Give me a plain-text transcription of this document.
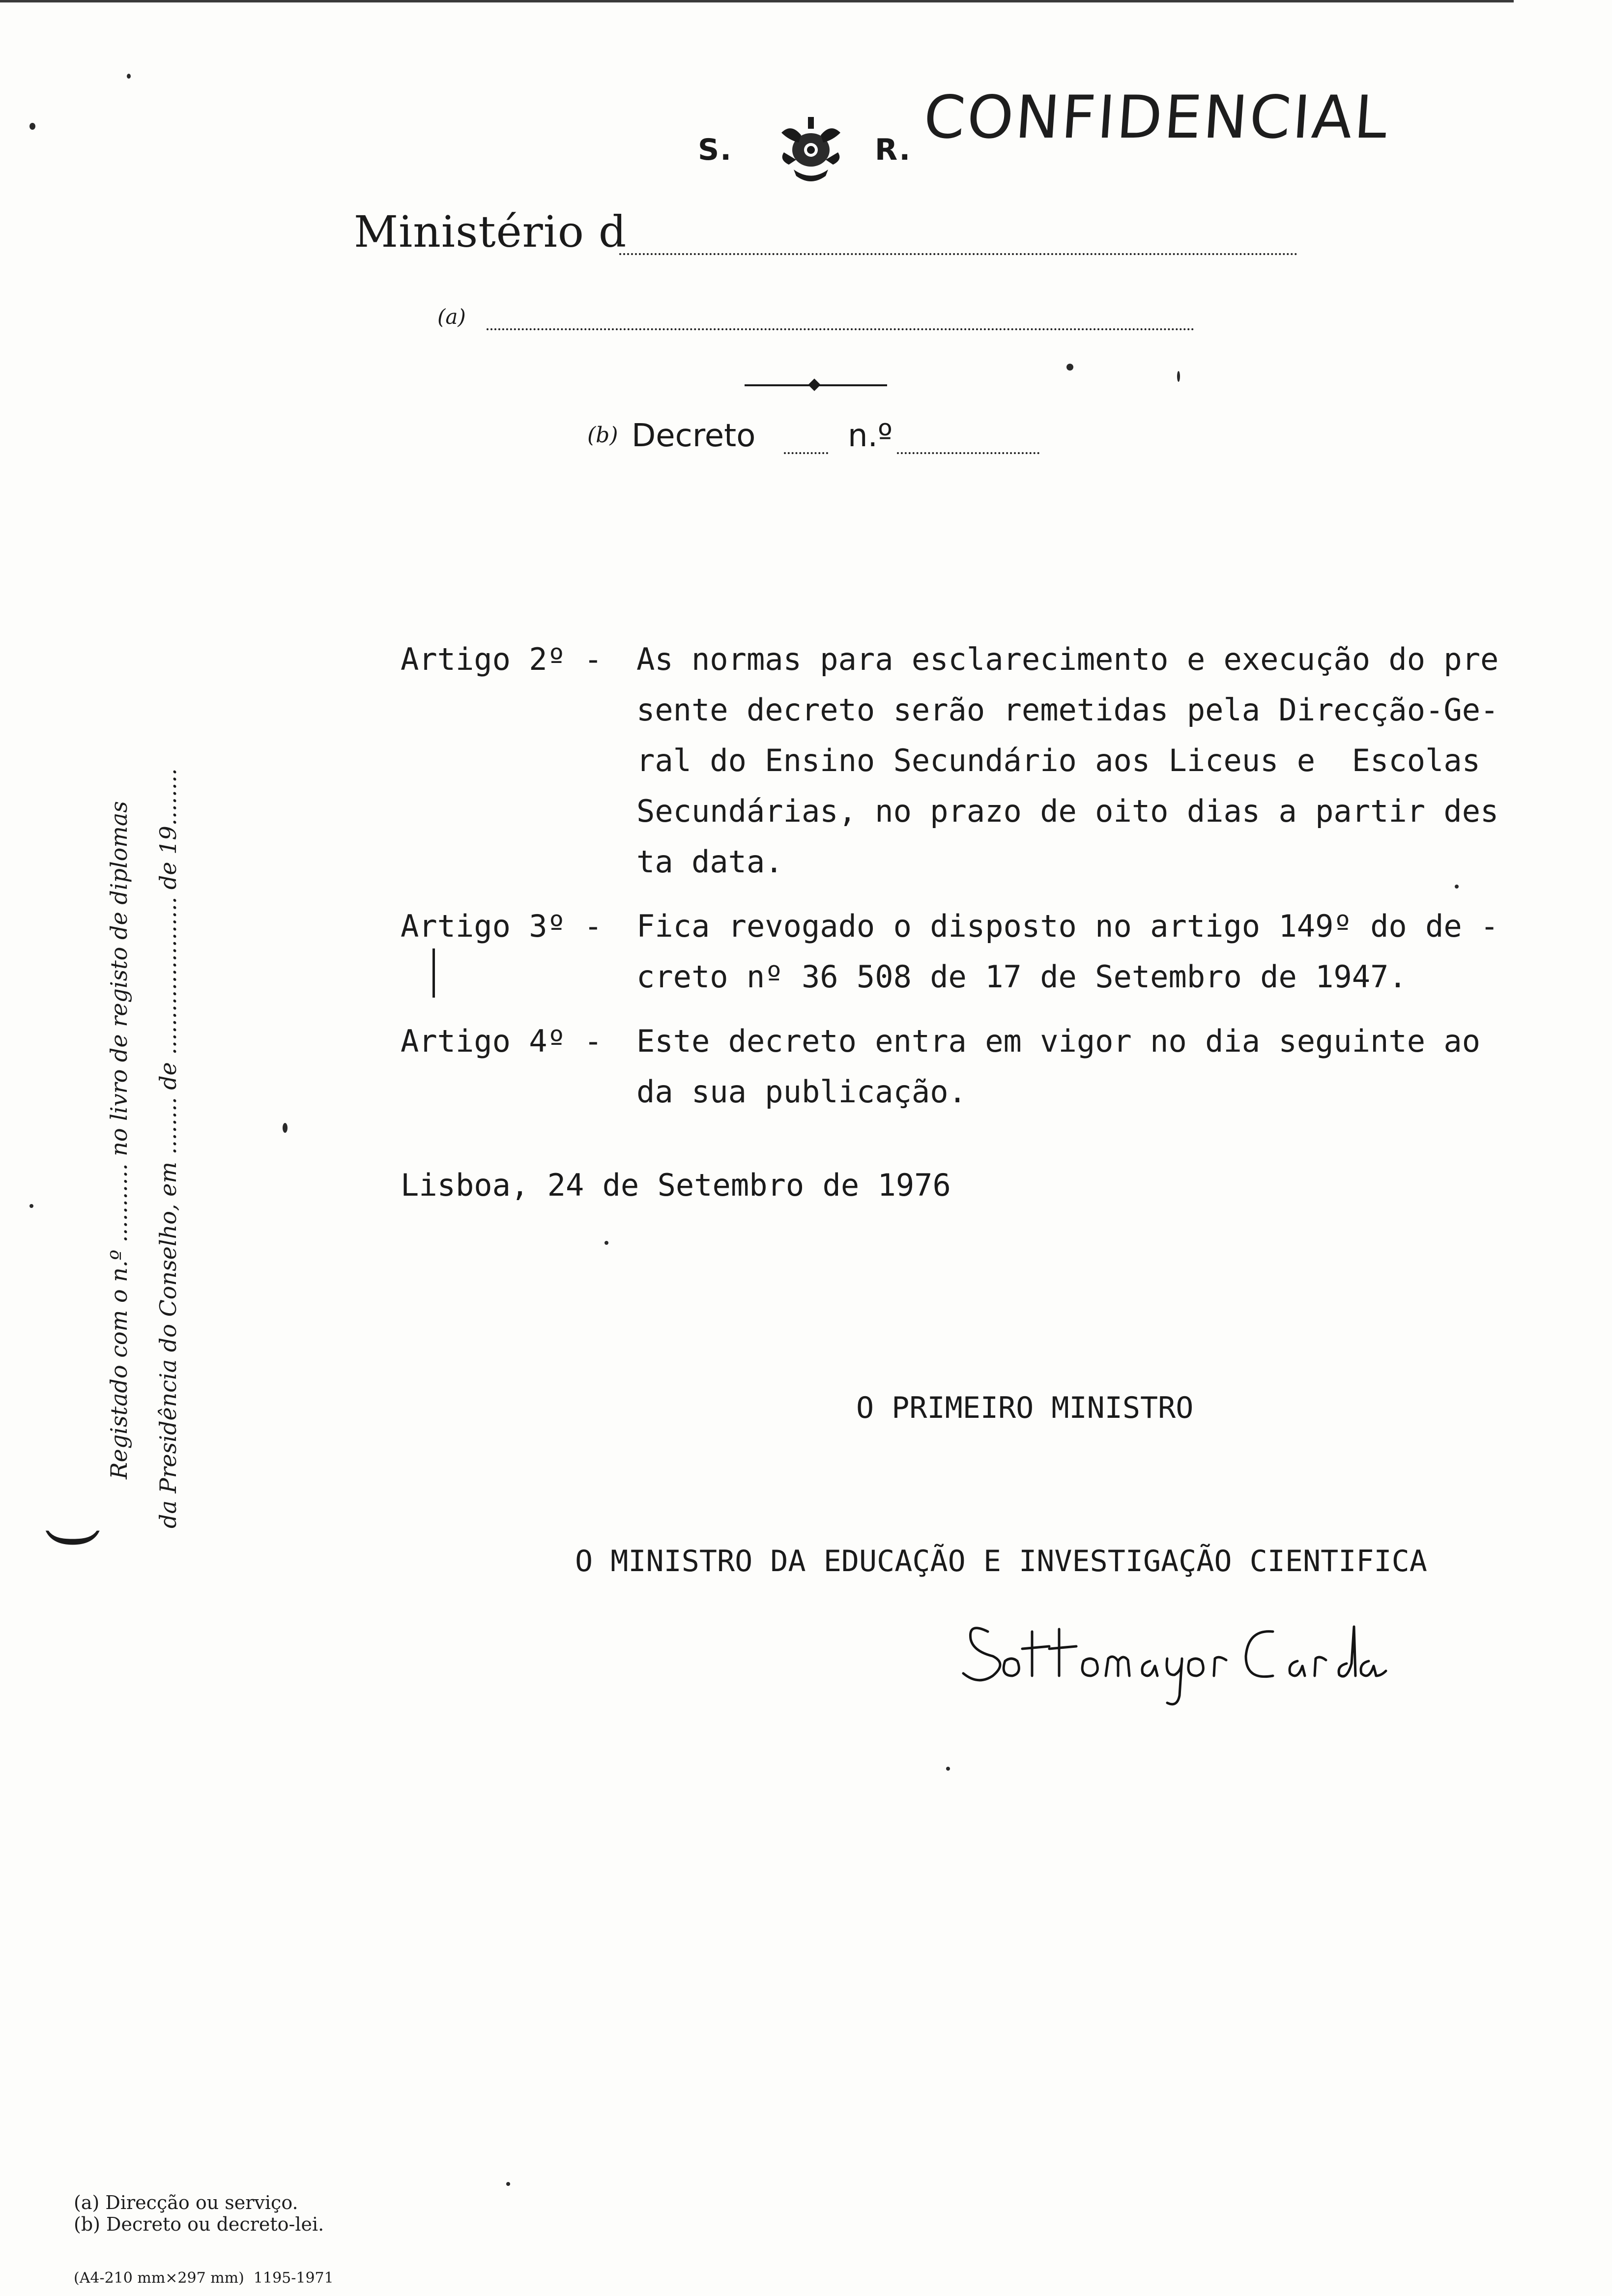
S.	R. CONFIDENCIAL
Ministério d
(a)
(b) Decreto	n.º
(
Registado com o n.º ........... no livro de registo de diplomas da Presidência do Conselho, em ........ de ...................... de 19........
Artigo 2º -	As normas para esclarecimento e execução do pre
sente decreto serão remetidas pela Direcção-Ge-
ral do Ensino Secundário aos Liceus e  Escolas
Secundárias, no prazo de oito dias a partir des
ta data.
Artigo 3º -	Fica revogado o disposto no artigo 149º do de -
creto nº 36 508 de 17 de Setembro de 1947.
Artigo 4º -	Este decreto entra em vigor no dia seguinte ao
da sua publicação.
Lisboa, 24 de Setembro de 1976
O PRIMEIRO MINISTRO
O MINISTRO DA EDUCAÇÃO E INVESTIGAÇÃO CIENTIFICA
(a) Direcção ou serviço.
(b) Decreto ou decreto-lei.
(A4-210 mm×297 mm)  1195-1971
